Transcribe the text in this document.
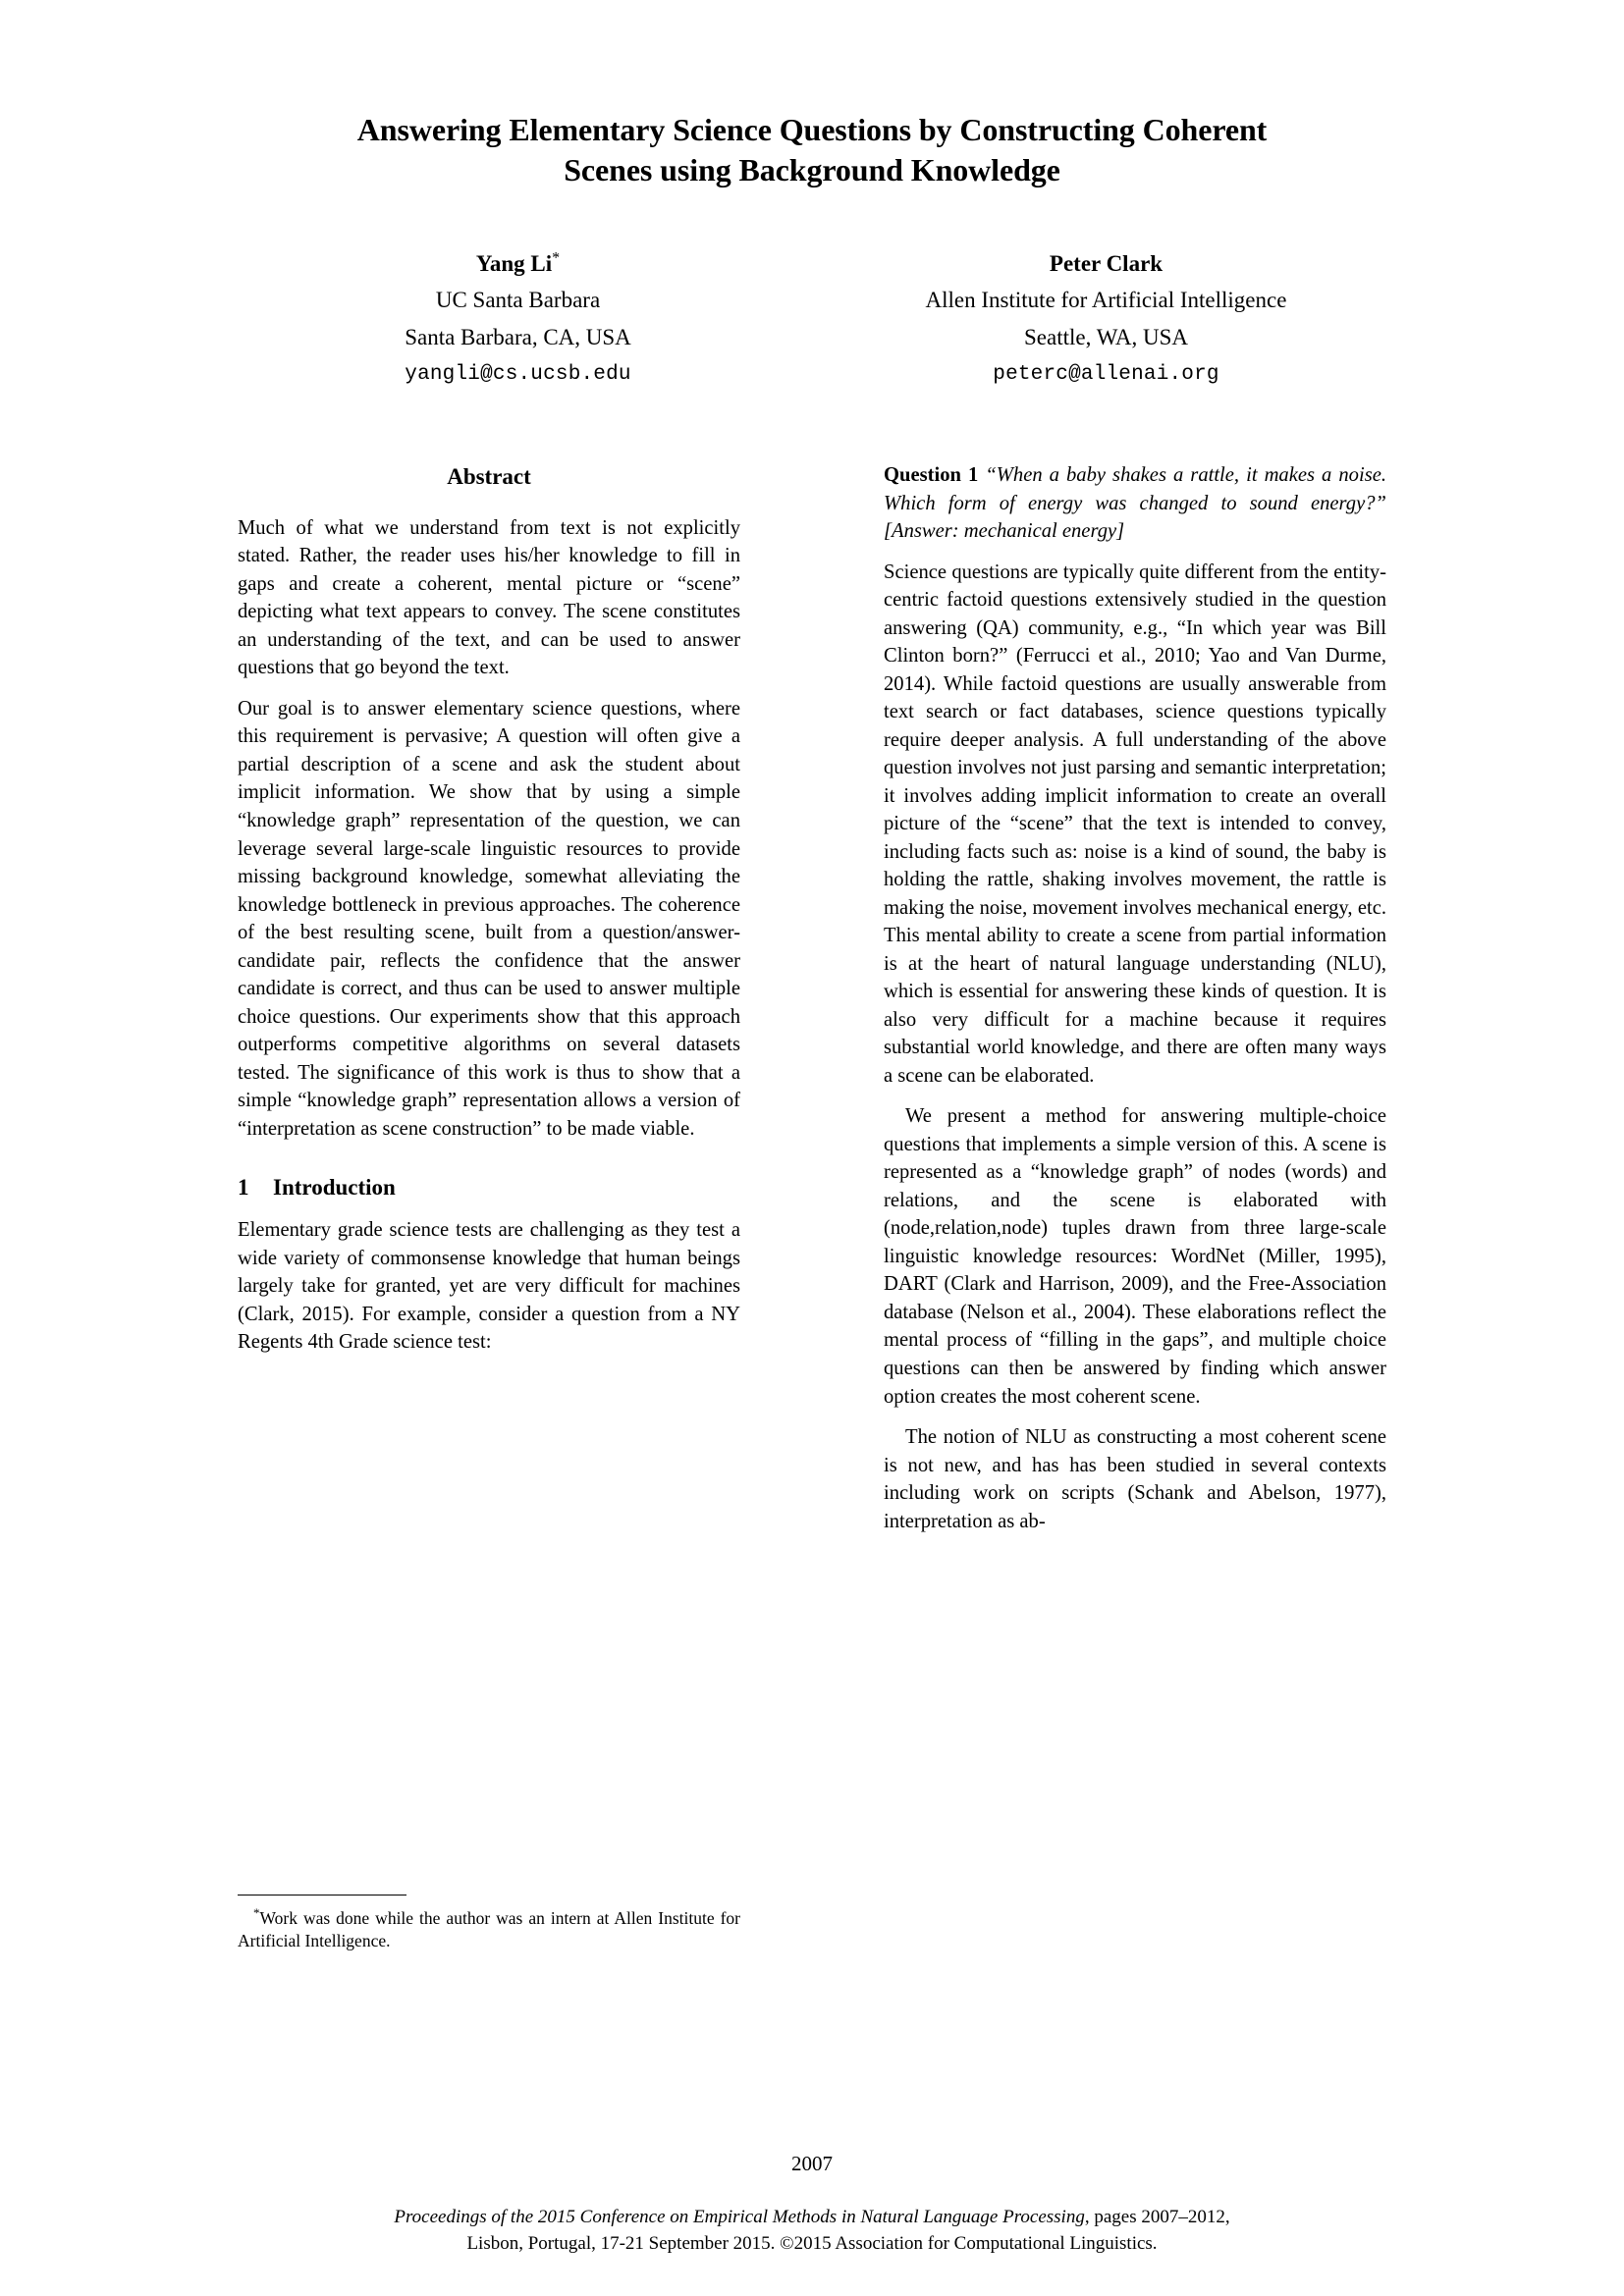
Answering Elementary Science Questions by Constructing Coherent
Scenes using Background Knowledge
Yang Li*
UC Santa Barbara
Santa Barbara, CA, USA
yangli@cs.ucsb.edu
Peter Clark
Allen Institute for Artificial Intelligence
Seattle, WA, USA
peterc@allenai.org
Abstract

Much of what we understand from text is not explicitly stated. Rather, the reader uses his/her knowledge to fill in gaps and create a coherent, mental picture or “scene” depicting what text appears to convey. The scene constitutes an understanding of the text, and can be used to answer questions that go beyond the text.

Our goal is to answer elementary science questions, where this requirement is pervasive; A question will often give a partial description of a scene and ask the student about implicit information. We show that by using a simple “knowledge graph” representation of the question, we can leverage several large-scale linguistic resources to provide missing background knowledge, somewhat alleviating the knowledge bottleneck in previous approaches. The coherence of the best resulting scene, built from a question/answer-candidate pair, reflects the confidence that the answer candidate is correct, and thus can be used to answer multiple choice questions. Our experiments show that this approach outperforms competitive algorithms on several datasets tested. The significance of this work is thus to show that a simple “knowledge graph” representation allows a version of “interpretation as scene construction” to be made viable.

1 Introduction

Elementary grade science tests are challenging as they test a wide variety of commonsense knowledge that human beings largely take for granted, yet are very difficult for machines (Clark, 2015). For example, consider a question from a NY Regents 4th Grade science test:

Question 1 “When a baby shakes a rattle, it makes a noise. Which form of energy was changed to sound energy?” [Answer: mechanical energy]

Science questions are typically quite different from the entity-centric factoid questions extensively studied in the question answering (QA) community, e.g., “In which year was Bill Clinton born?” (Ferrucci et al., 2010; Yao and Van Durme, 2014). While factoid questions are usually answerable from text search or fact databases, science questions typically require deeper analysis. A full understanding of the above question involves not just parsing and semantic interpretation; it involves adding implicit information to create an overall picture of the “scene” that the text is intended to convey, including facts such as: noise is a kind of sound, the baby is holding the rattle, shaking involves movement, the rattle is making the noise, movement involves mechanical energy, etc. This mental ability to create a scene from partial information is at the heart of natural language understanding (NLU), which is essential for answering these kinds of question. It is also very difficult for a machine because it requires substantial world knowledge, and there are often many ways a scene can be elaborated.

We present a method for answering multiple-choice questions that implements a simple version of this. A scene is represented as a “knowledge graph” of nodes (words) and relations, and the scene is elaborated with (node,relation,node) tuples drawn from three large-scale linguistic knowledge resources: WordNet (Miller, 1995), DART (Clark and Harrison, 2009), and the Free-Association database (Nelson et al., 2004). These elaborations reflect the mental process of “filling in the gaps”, and multiple choice questions can then be answered by finding which answer option creates the most coherent scene.

The notion of NLU as constructing a most coherent scene is not new, and has has been studied in several contexts including work on scripts (Schank and Abelson, 1977), interpretation as ab-

*Work was done while the author was an intern at Allen Institute for Artificial Intelligence.
2007
Proceedings of the 2015 Conference on Empirical Methods in Natural Language Processing, pages 2007–2012,
Lisbon, Portugal, 17-21 September 2015. ©2015 Association for Computational Linguistics.
